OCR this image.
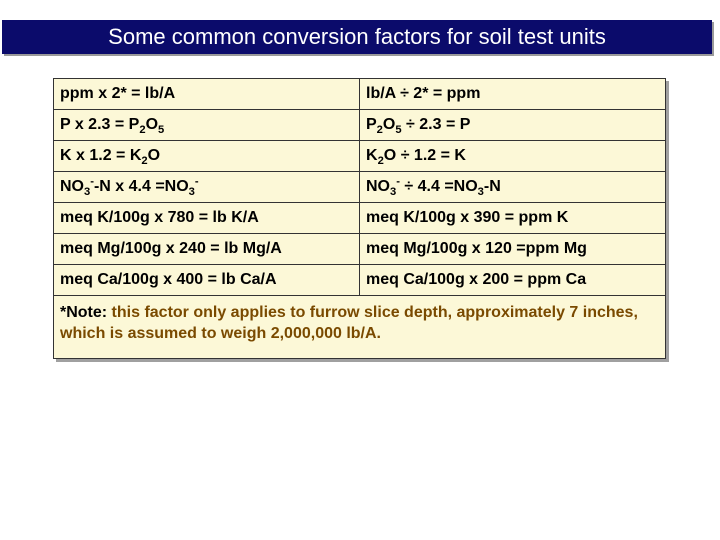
Some common conversion factors for soil test units
ppm x 2* = lb/A	lb/A ÷ 2* = ppm
P x $2.3 = P_2O_5$	$P_2O_5 \div 2.3 = P$
K x $1.2 = K_2O$	$K_2O \div 1.2 = K$
$NO_3^--N$ x $4.4 =NO_3^-$	$NO_3^- \div 4.4 =NO_3-N$
meq K/100g x 780 = lb K/A	meq K/100g x 390 = ppm K
meq Mg/100g x 240 = lb Mg/A	meq Mg/100g x 120 =ppm Mg
meq Ca/100g x 400 = lb Ca/A	meq Ca/100g x 200 = ppm Ca
*Note: this factor only applies to furrow slice depth, approximately 7 inches, which is assumed to weigh 2,000,000 lb/A.	
